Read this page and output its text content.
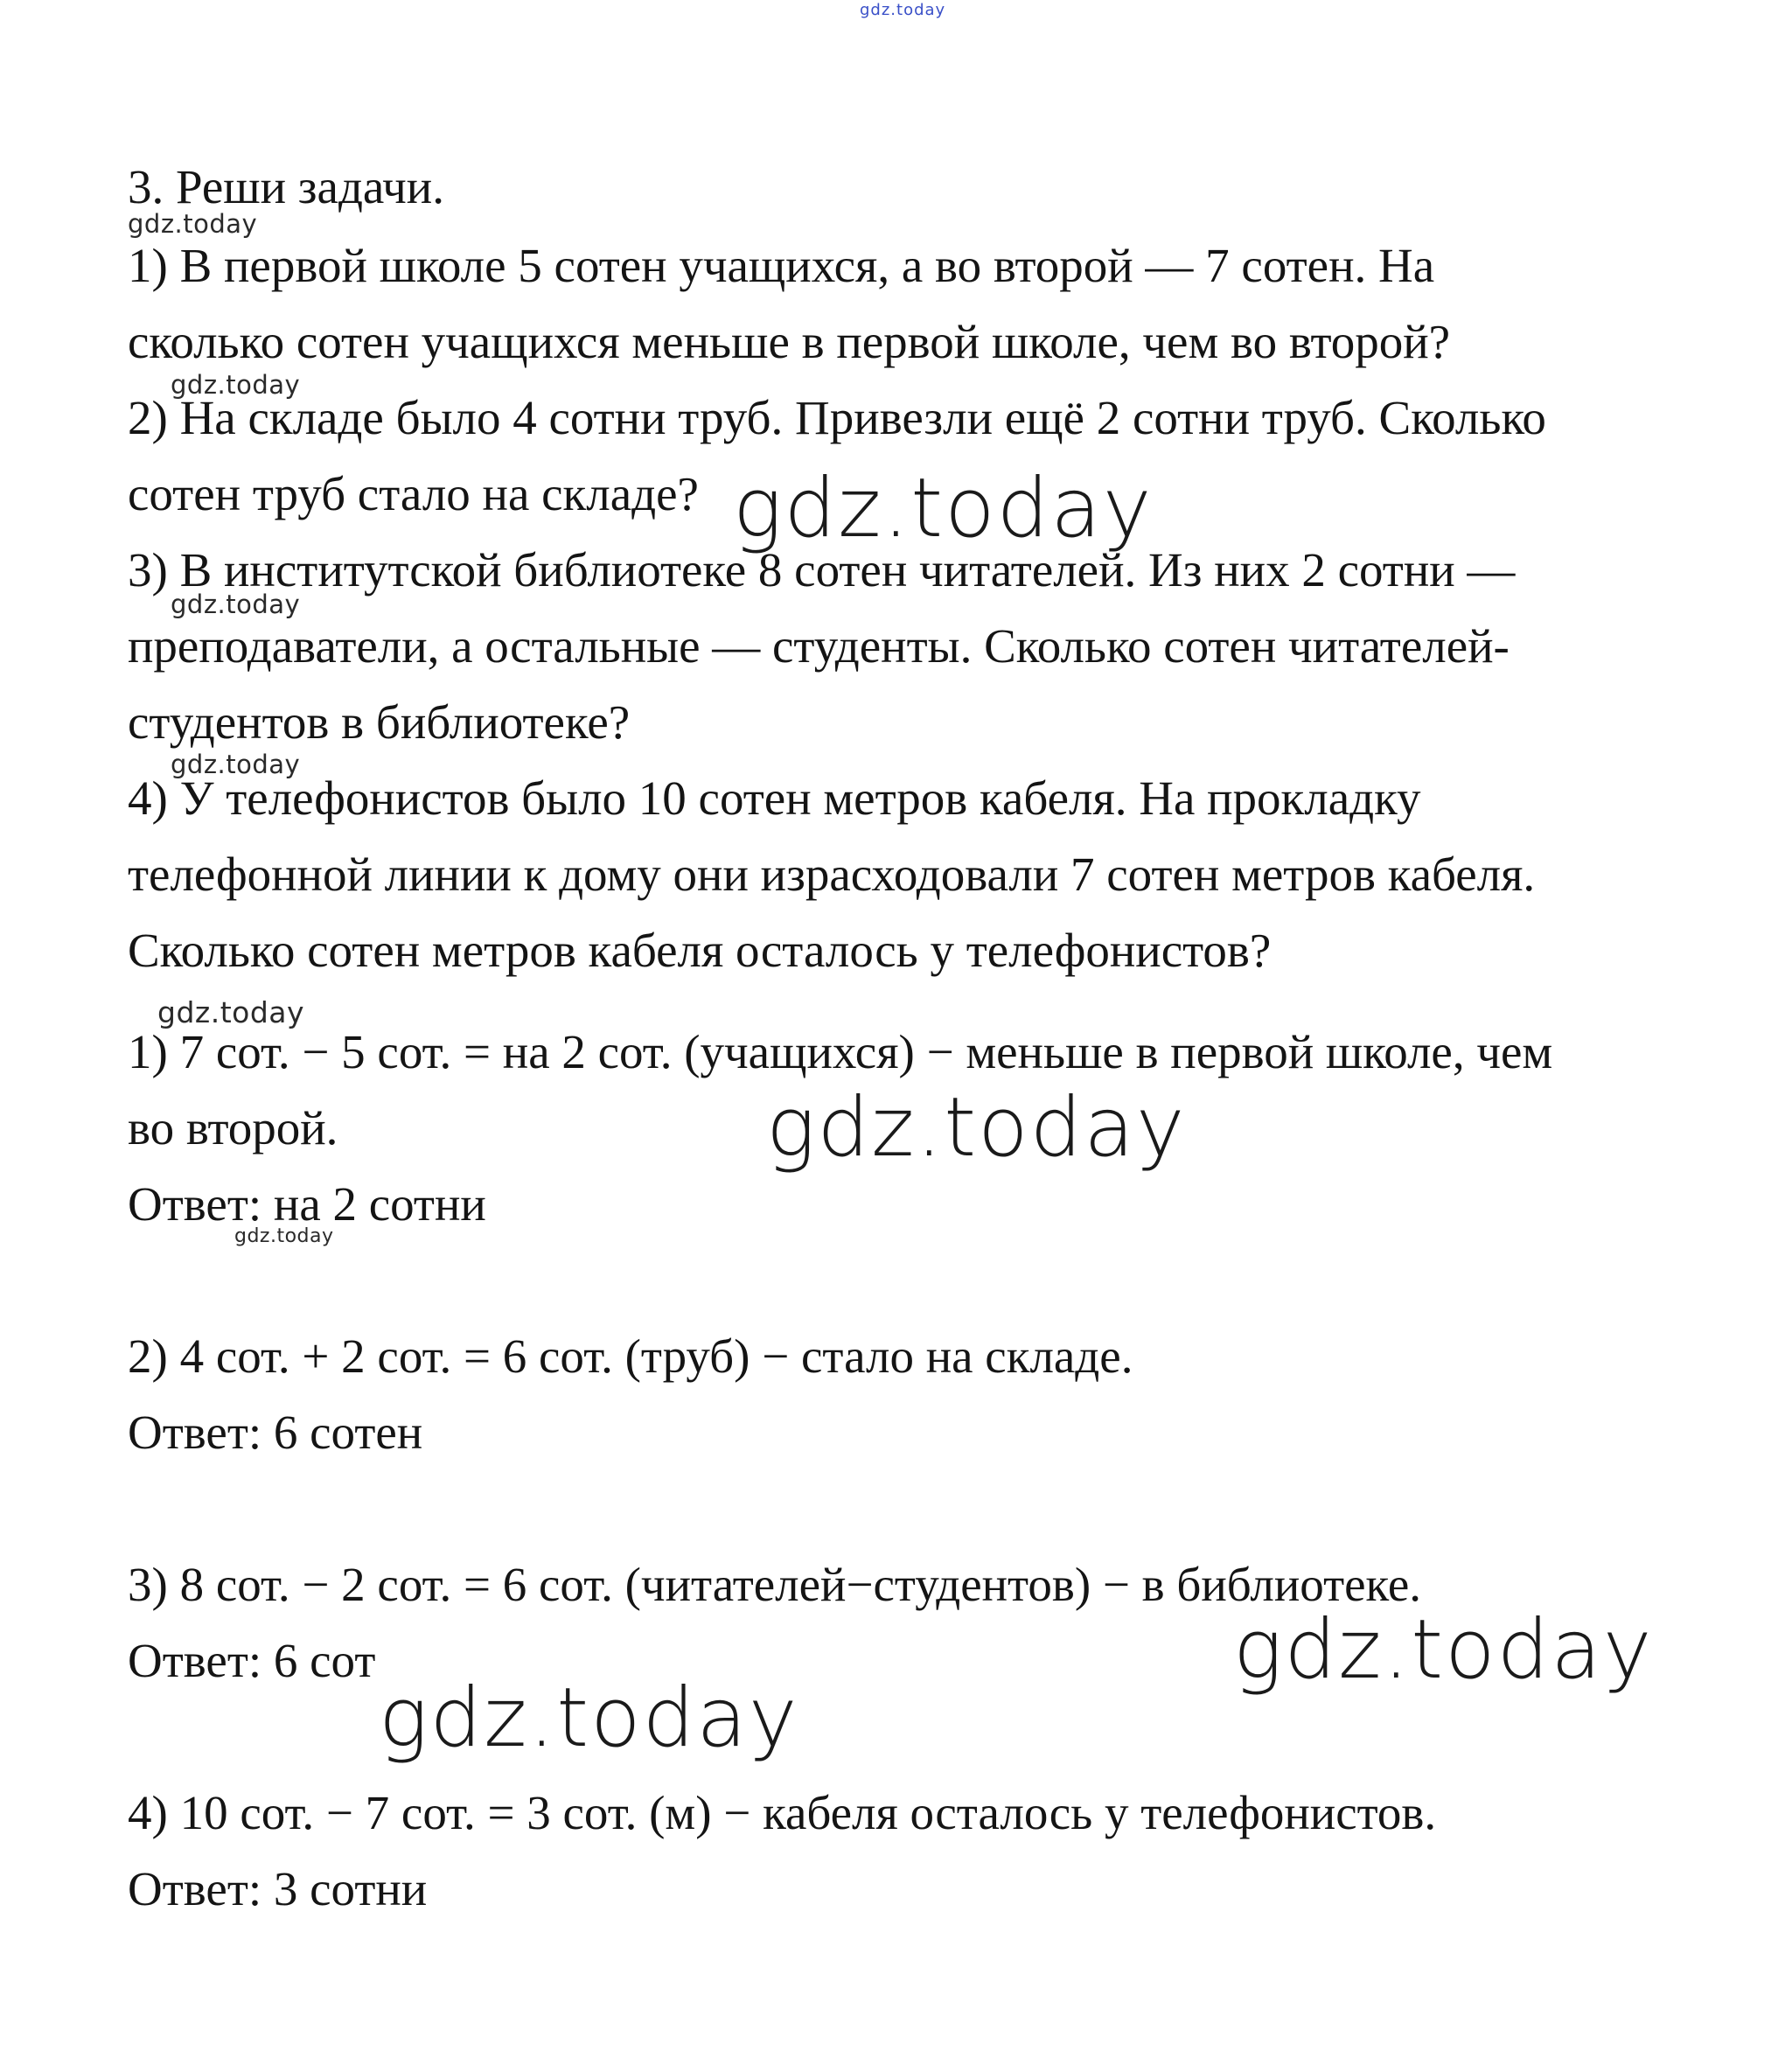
gdz.today

3. Реши задачи.

1) В первой школе 5 сотен учащихся, а во второй — 7 сотен. На

сколько сотен учащихся меньше в первой школе, чем во второй?

2) На складе было 4 сотни труб. Привезли ещё 2 сотни труб. Сколько

сотен труб стало на складе?

3) В институтской библиотеке 8 сотен читателей. Из них 2 сотни —

преподаватели, а остальные — студенты. Сколько сотен читателей-

студентов в библиотеке?

4) У телефонистов было 10 сотен метров кабеля. На прокладку

телефонной линии к дому они израсходовали 7 сотен метров кабеля.

Сколько сотен метров кабеля осталось у телефонистов?

1) 7 сот. − 5 сот. = на 2 сот. (учащихся) − меньше в первой школе, чем

во второй.

Ответ: на 2 сотни

2) 4 сот. + 2 сот. = 6 сот. (труб) − стало на складе.

Ответ: 6 сотен

3) 8 сот. − 2 сот. = 6 сот. (читателей−студентов) − в библиотеке.

Ответ: 6 сот

4) 10 сот. − 7 сот. = 3 сот. (м) − кабеля осталось у телефонистов.

Ответ: 3 сотни

gdz.today
gdz.today
gdz.today
gdz.today
gdz.today
gdz.today
gdz.today
gdz.today
gdz.today
gdz.today
